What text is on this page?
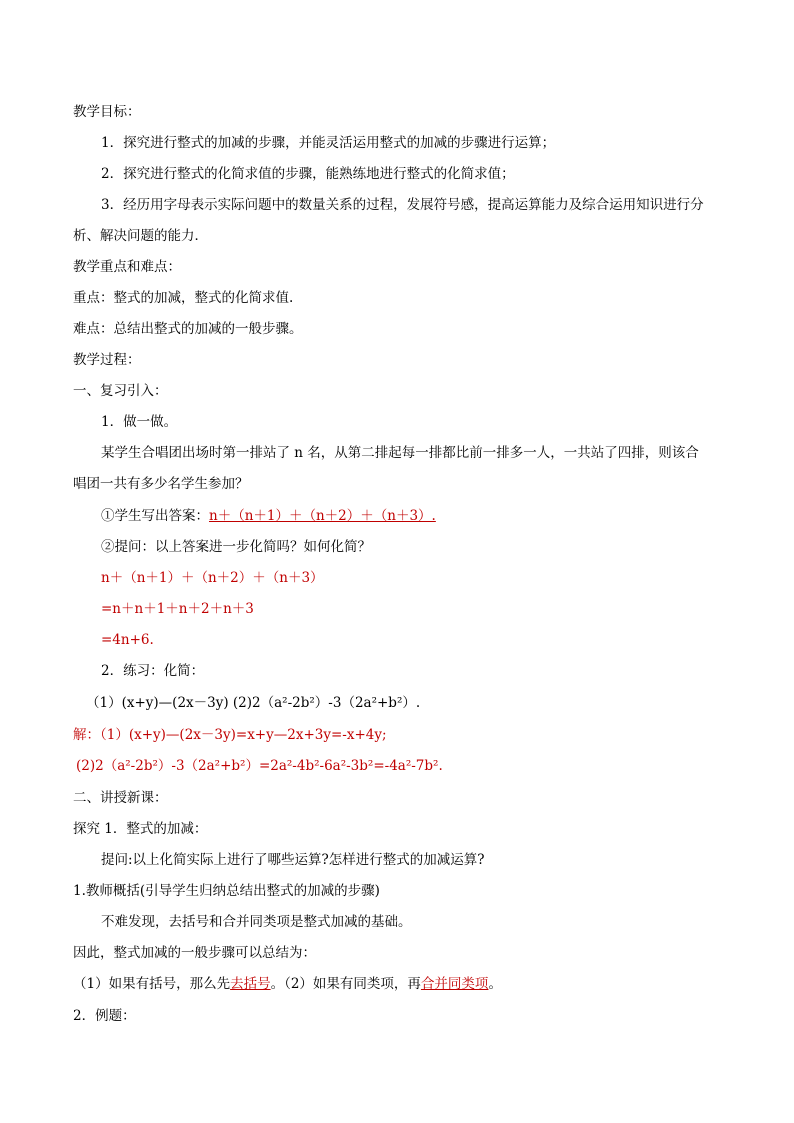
教学目标：
1．探究进行整式的加减的步骤，并能灵活运用整式的加减的步骤进行运算；
2．探究进行整式的化简求值的步骤，能熟练地进行整式的化简求值；
3．经历用字母表示实际问题中的数量关系的过程，发展符号感，提高运算能力及综合运用知识进行分
析、解决问题的能力．
教学重点和难点：
重点：整式的加减，整式的化简求值.
难点：总结出整式的加减的一般步骤。
教学过程：
一、复习引入：
1．做一做。
某学生合唱团出场时第一排站了 n 名，从第二排起每一排都比前一排多一人，一共站了四排，则该合
唱团一共有多少名学生参加？
①学生写出答案：n＋（n＋1）＋（n＋2）＋（n＋3）.
②提问：以上答案进一步化简吗？如何化简？
n＋（n＋1）＋（n＋2）＋（n＋3）
=n＋n＋1＋n＋2＋n＋3
=4n+6.
2．练习：化简：
（1）(x+y)—(2x－3y) (2)2（a²-2b²）-3（2a²+b²）.
解：（1）(x+y)—(2x－3y)=x+y—2x+3y=-x+4y;
(2)2（a²-2b²）-3（2a²+b²）=2a²-4b²-6a²-3b²=-4a²-7b².
二、讲授新课：
探究 1．整式的加减：
提问:以上化简实际上进行了哪些运算?怎样进行整式的加减运算?
1.教师概括(引导学生归纳总结出整式的加减的步骤)
不难发现，去括号和合并同类项是整式加减的基础。
因此，整式加减的一般步骤可以总结为：
（1）如果有括号，那么先去括号。（2）如果有同类项，再合并同类项。
2．例题：
